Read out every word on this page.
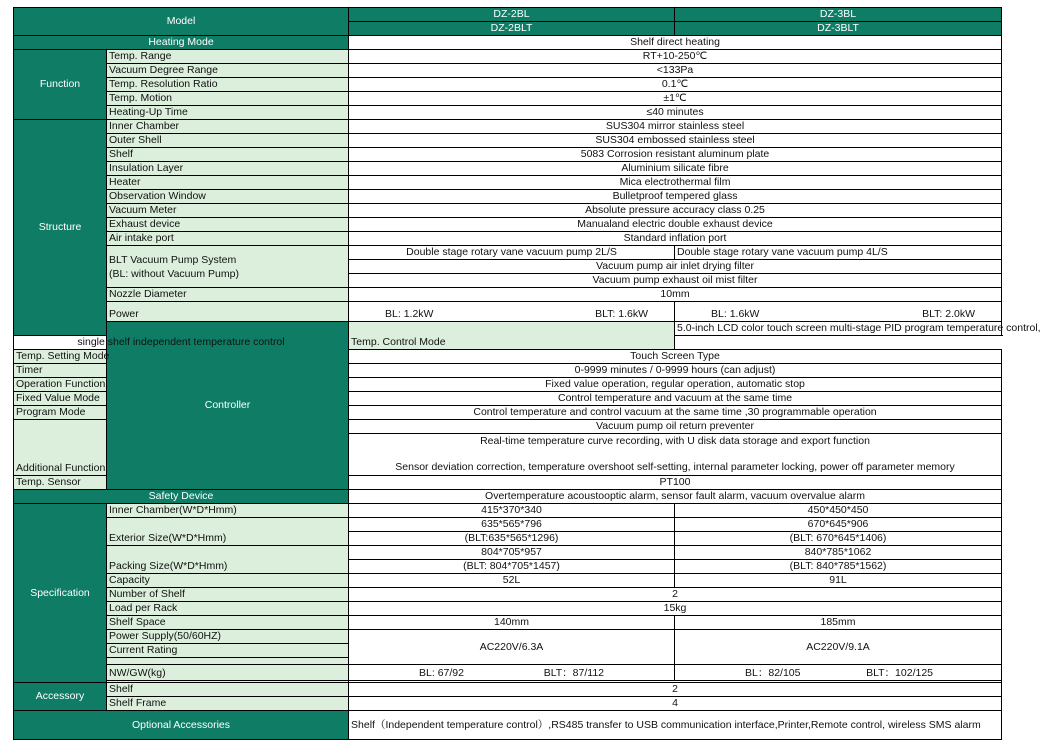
Model		DZ-2BL	DZ-3BL
		DZ-2BLT	DZ-3BLT
Heating Mode		Shelf direct heating	
Function	Temp. Range	RT+10-250℃	
	Vacuum Degree Range	<133Pa	
	Temp. Resolution Ratio	0.1℃	
	Temp. Motion	±1℃	
	Heating-Up Time	≤40 minutes	
Structure	Inner Chamber	SUS304 mirror stainless steel	
	Outer Shell	SUS304 embossed stainless steel	
	Shelf	5083 Corrosion resistant aluminum plate	
	Insulation Layer	Aluminium silicate fibre	
	Heater	Mica electrothermal film	
	Observation Window	Bulletproof tempered glass	
	Vacuum Meter	Absolute pressure accuracy class 0.25	
	Exhaust device	Manualand electric double exhaust device	
	Air intake port	Standard inflation port	

	BLT Vacuum Pump System
(BL: without Vacuum Pump)	Double stage rotary vane vacuum pump 2L/S	Double stage rotary vane vacuum pump 4L/S
		Vacuum pump air inlet drying filter	
		Vacuum pump exhaust oil mist filter	
	Nozzle Diameter	10mm	
	Power	BL: 1.2kW BLT: 1.6kW	BL: 1.6kW BLT: 2.0kW

	Controller	Temp. Control Mode	5.0-inch LCD color touch screen multi-stage PID program temperature control,
single shelf independent temperature control			
Temp. Setting Mode		Touch Screen Type	
Timer		0-9999 minutes / 0-9999 hours (can adjust)	
Operation Function		Fixed value operation, regular operation, automatic stop	
Fixed Value Mode		Control temperature and vacuum at the same time	
Program Mode		Control temperature and control vacuum at the same time ,30 programmable operation	
Additional Function		Vacuum pump oil return preventer	

		Real-time temperature curve recording, with U disk data storage and export function
Sensor deviation correction, temperature overshoot self-setting, internal parameter locking, power off parameter memory	

Temp. Sensor		PT100	
Safety Device		Overtemperature acoustooptic alarm, sensor fault alarm, vacuum overvalue alarm	
Specification	Inner Chamber(W*D*Hmm)	415*370*340	450*450*450
	Exterior Size(W*D*Hmm)	635*565*796	670*645*906
		(BLT:635*565*1296)	(BLT: 670*645*1406)
	Packing Size(W*D*Hmm)	804*705*957	840*785*1062
		(BLT: 804*705*1457)	(BLT: 840*785*1562)
	Capacity	52L	91L
	Number of Shelf	2	
	Load per Rack	15kg	
	Shelf Space	140mm	185mm
	Power Supply(50/60HZ)	AC220V/6.3A	AC220V/9.1A
	Current Rating		

	NW/GW(kg)	BL: 67/92 BLT：87/112	BL：82/105 BLT：102/125

Accessory	Shelf	2	
	Shelf Frame	4	
Optional Accessories		Shelf（Independent temperature control）,RS485 transfer to USB communication interface,Printer,Remote control, wireless SMS alarm	
